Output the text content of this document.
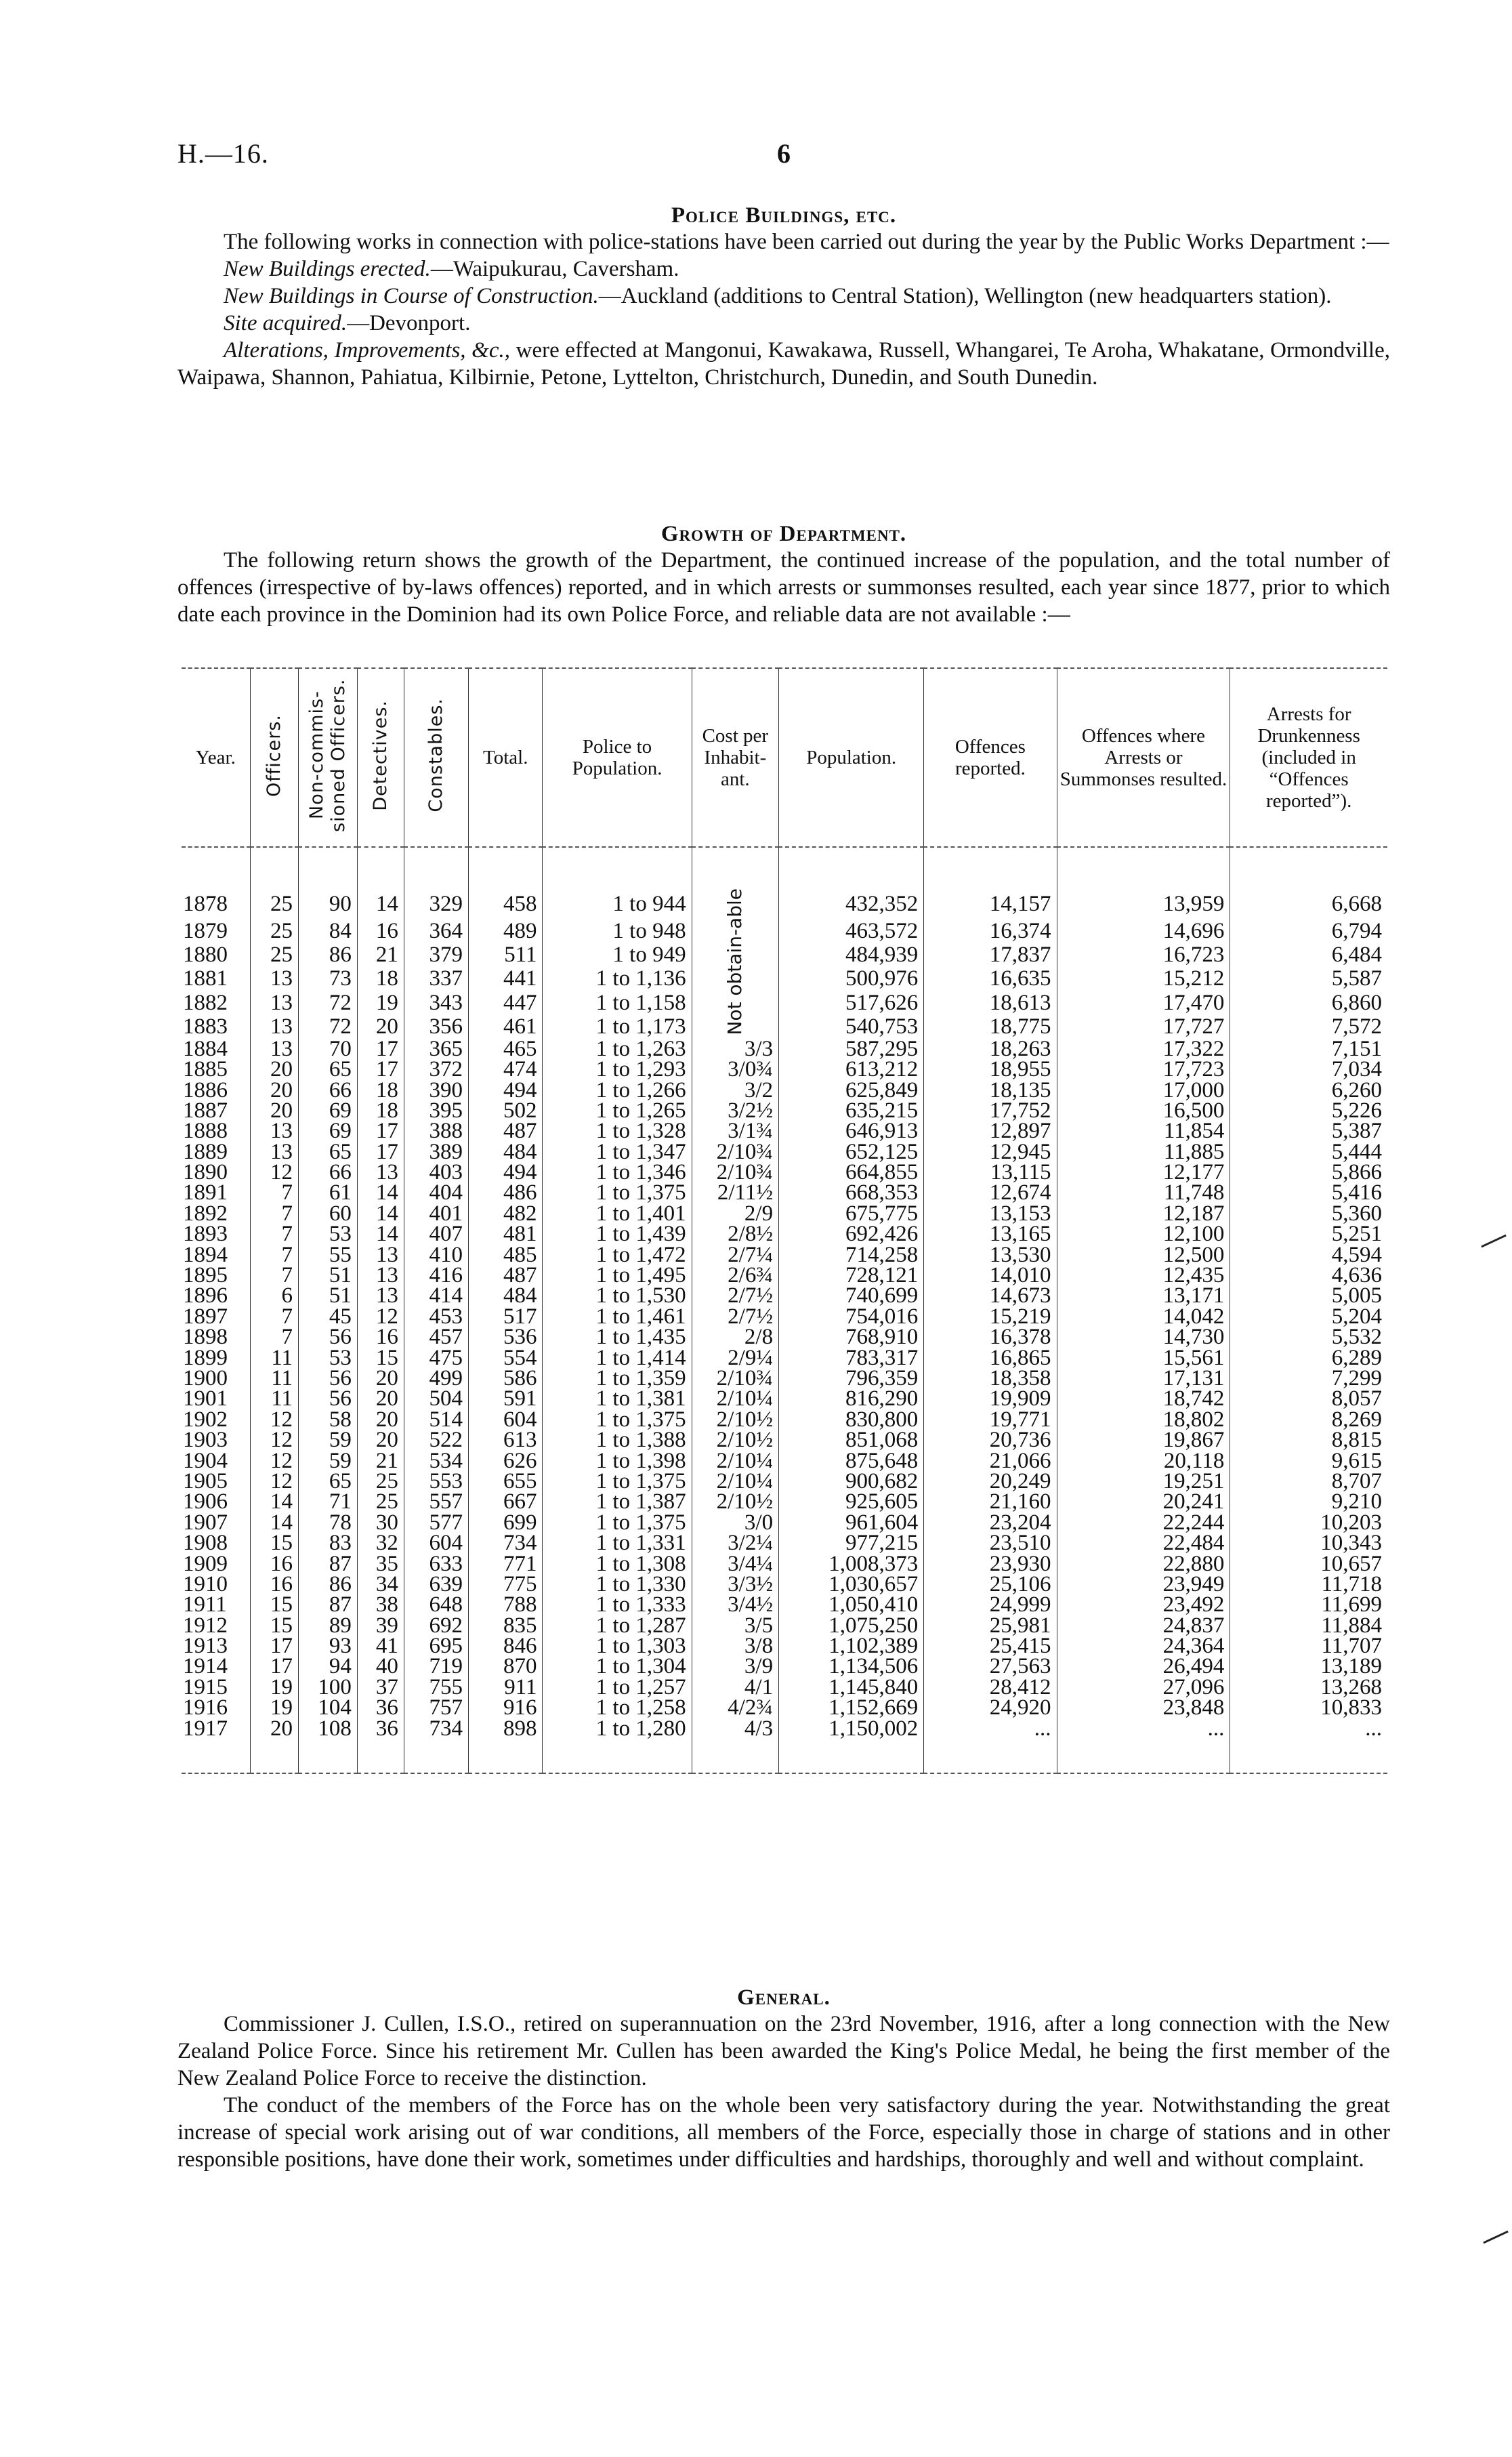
H.—16.	6
Police Buildings, etc.

The following works in connection with police-stations have been carried out during the year by the Public Works Department :—

New Buildings erected.—Waipukurau, Caversham.

New Buildings in Course of Construction.—Auckland (additions to Central Station), Wellington (new headquarters station).

Site acquired.—Devonport.

Alterations, Improvements, &c., were effected at Mangonui, Kawakawa, Russell, Whangarei, Te Aroha, Whakatane, Ormondville, Waipawa, Shannon, Pahiatua, Kilbirnie, Petone, Lyttelton, Christchurch, Dunedin, and South Dunedin.

Growth of Department.

The following return shows the growth of the Department, the continued increase of the population, and the total number of offences (irrespective of by-laws offences) reported, and in which arrests or summonses resulted, each year since 1877, prior to which date each province in the Dominion had its own Police Force, and reliable data are not available :—

Year.	Officers.	Non-commis-sioned Officers.	Detectives.	Constables.	Total.	Police to Population.	Cost per Inhabit-ant.	Population.	Offences reported.	Offences where Arrests or Summonses resulted.	Arrests for Drunkenness (included in “Offences reported”).
1878	25	90	14	329	458	1 to 944	Not obtain-able	432,352	14,157	13,959	6,668
1879	25	84	16	364	489	1 to 948		463,572	16,374	14,696	6,794
1880	25	86	21	379	511	1 to 949		484,939	17,837	16,723	6,484
1881	13	73	18	337	441	1 to 1,136		500,976	16,635	15,212	5,587
1882	13	72	19	343	447	1 to 1,158		517,626	18,613	17,470	6,860
1883	13	72	20	356	461	1 to 1,173		540,753	18,775	17,727	7,572
1884	13	70	17	365	465	1 to 1,263	3/3	587,295	18,263	17,322	7,151
1885	20	65	17	372	474	1 to 1,293	3/0¾	613,212	18,955	17,723	7,034
1886	20	66	18	390	494	1 to 1,266	3/2	625,849	18,135	17,000	6,260
1887	20	69	18	395	502	1 to 1,265	3/2½	635,215	17,752	16,500	5,226
1888	13	69	17	388	487	1 to 1,328	3/1¾	646,913	12,897	11,854	5,387
1889	13	65	17	389	484	1 to 1,347	2/10¾	652,125	12,945	11,885	5,444
1890	12	66	13	403	494	1 to 1,346	2/10¾	664,855	13,115	12,177	5,866
1891	7	61	14	404	486	1 to 1,375	2/11½	668,353	12,674	11,748	5,416
1892	7	60	14	401	482	1 to 1,401	2/9	675,775	13,153	12,187	5,360
1893	7	53	14	407	481	1 to 1,439	2/8½	692,426	13,165	12,100	5,251
1894	7	55	13	410	485	1 to 1,472	2/7¼	714,258	13,530	12,500	4,594
1895	7	51	13	416	487	1 to 1,495	2/6¾	728,121	14,010	12,435	4,636
1896	6	51	13	414	484	1 to 1,530	2/7½	740,699	14,673	13,171	5,005
1897	7	45	12	453	517	1 to 1,461	2/7½	754,016	15,219	14,042	5,204
1898	7	56	16	457	536	1 to 1,435	2/8	768,910	16,378	14,730	5,532
1899	11	53	15	475	554	1 to 1,414	2/9¼	783,317	16,865	15,561	6,289
1900	11	56	20	499	586	1 to 1,359	2/10¾	796,359	18,358	17,131	7,299
1901	11	56	20	504	591	1 to 1,381	2/10¼	816,290	19,909	18,742	8,057
1902	12	58	20	514	604	1 to 1,375	2/10½	830,800	19,771	18,802	8,269
1903	12	59	20	522	613	1 to 1,388	2/10½	851,068	20,736	19,867	8,815
1904	12	59	21	534	626	1 to 1,398	2/10¼	875,648	21,066	20,118	9,615
1905	12	65	25	553	655	1 to 1,375	2/10¼	900,682	20,249	19,251	8,707
1906	14	71	25	557	667	1 to 1,387	2/10½	925,605	21,160	20,241	9,210
1907	14	78	30	577	699	1 to 1,375	3/0	961,604	23,204	22,244	10,203
1908	15	83	32	604	734	1 to 1,331	3/2¼	977,215	23,510	22,484	10,343
1909	16	87	35	633	771	1 to 1,308	3/4¼	1,008,373	23,930	22,880	10,657
1910	16	86	34	639	775	1 to 1,330	3/3½	1,030,657	25,106	23,949	11,718
1911	15	87	38	648	788	1 to 1,333	3/4½	1,050,410	24,999	23,492	11,699
1912	15	89	39	692	835	1 to 1,287	3/5	1,075,250	25,981	24,837	11,884
1913	17	93	41	695	846	1 to 1,303	3/8	1,102,389	25,415	24,364	11,707
1914	17	94	40	719	870	1 to 1,304	3/9	1,134,506	27,563	26,494	13,189
1915	19	100	37	755	911	1 to 1,257	4/1	1,145,840	28,412	27,096	13,268
1916	19	104	36	757	916	1 to 1,258	4/2¾	1,152,669	24,920	23,848	10,833
1917	20	108	36	734	898	1 to 1,280	4/3	1,150,002	...	...	...
General.

Commissioner J. Cullen, I.S.O., retired on superannuation on the 23rd November, 1916, after a long connection with the New Zealand Police Force. Since his retirement Mr. Cullen has been awarded the King's Police Medal, he being the first member of the New Zealand Police Force to receive the distinction.

The conduct of the members of the Force has on the whole been very satisfactory during the year. Notwithstanding the great increase of special work arising out of war conditions, all members of the Force, especially those in charge of stations and in other responsible positions, have done their work, sometimes under difficulties and hardships, thoroughly and well and without complaint.
